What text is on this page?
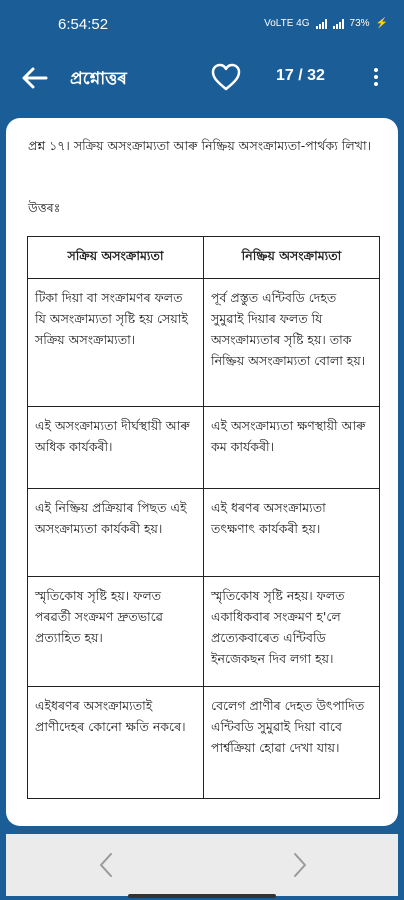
6:54:52	VoLTE 4G	73% ⚡
প্ৰশ্নোত্তৰ	17 / 32

প্ৰশ্ন ১৭। সক্ৰিয় অসংক্ৰাম্যতা আৰু নিষ্ক্ৰিয় অসংক্ৰাম্যতা-পাৰ্থক্য লিখা।

উত্তৰঃ

সক্ৰিয় অসংক্ৰাম্যতা	নিষ্ক্ৰিয় অসংক্ৰাম্যতা
টিকা দিয়া বা সংক্ৰামণৰ ফলত যি অসংক্ৰাম্যতা সৃষ্টি হয় সেয়াই সক্ৰিয় অসংক্ৰাম্যতা।	পূৰ্ব প্ৰস্তুত এন্টিবডি দেহত সুমুৱাই দিয়াৰ ফলত যি অসংক্ৰাম্যতাৰ সৃষ্টি হয়। তাক নিষ্ক্ৰিয় অসংক্ৰাম্যতা বোলা হয়।
এই অসংক্ৰাম্যতা দীৰ্ঘস্থায়ী আৰু অধিক কাৰ্যকৰী।	এই অসংক্ৰাম্যতা ক্ষণস্থায়ী আৰু কম কাৰ্যকৰী।
এই নিষ্ক্ৰিয় প্ৰক্ৰিয়াৰ পিছত এই অসংক্ৰাম্যতা কাৰ্যকৰী হয়।	এই ধৰণৰ অসংক্ৰাম্যতা তৎক্ষণাৎ কাৰ্যকৰী হয়।
স্মৃতিকোষ সৃষ্টি হয়। ফলত পৰৱৰ্তী সংক্ৰমণ দ্ৰুতভাৱে প্ৰত্যাহিত হয়।	স্মৃতিকোষ সৃষ্টি নহয়। ফলত একাধিকবাৰ সংক্ৰমণ হ'লে প্ৰত্যেকবাৰেত এন্টিবডি ইনজেকছন দিব লগা হয়।
এইধৰণৰ অসংক্ৰাম্যতাই প্ৰাণীদেহৰ কোনো ক্ষতি নকৰে।	বেলেগ প্ৰাণীৰ দেহত উৎপাদিত এন্টিবডি সুমুৱাই দিয়া বাবে পাৰ্শ্বক্ৰিয়া হোৱা দেখা যায়।
